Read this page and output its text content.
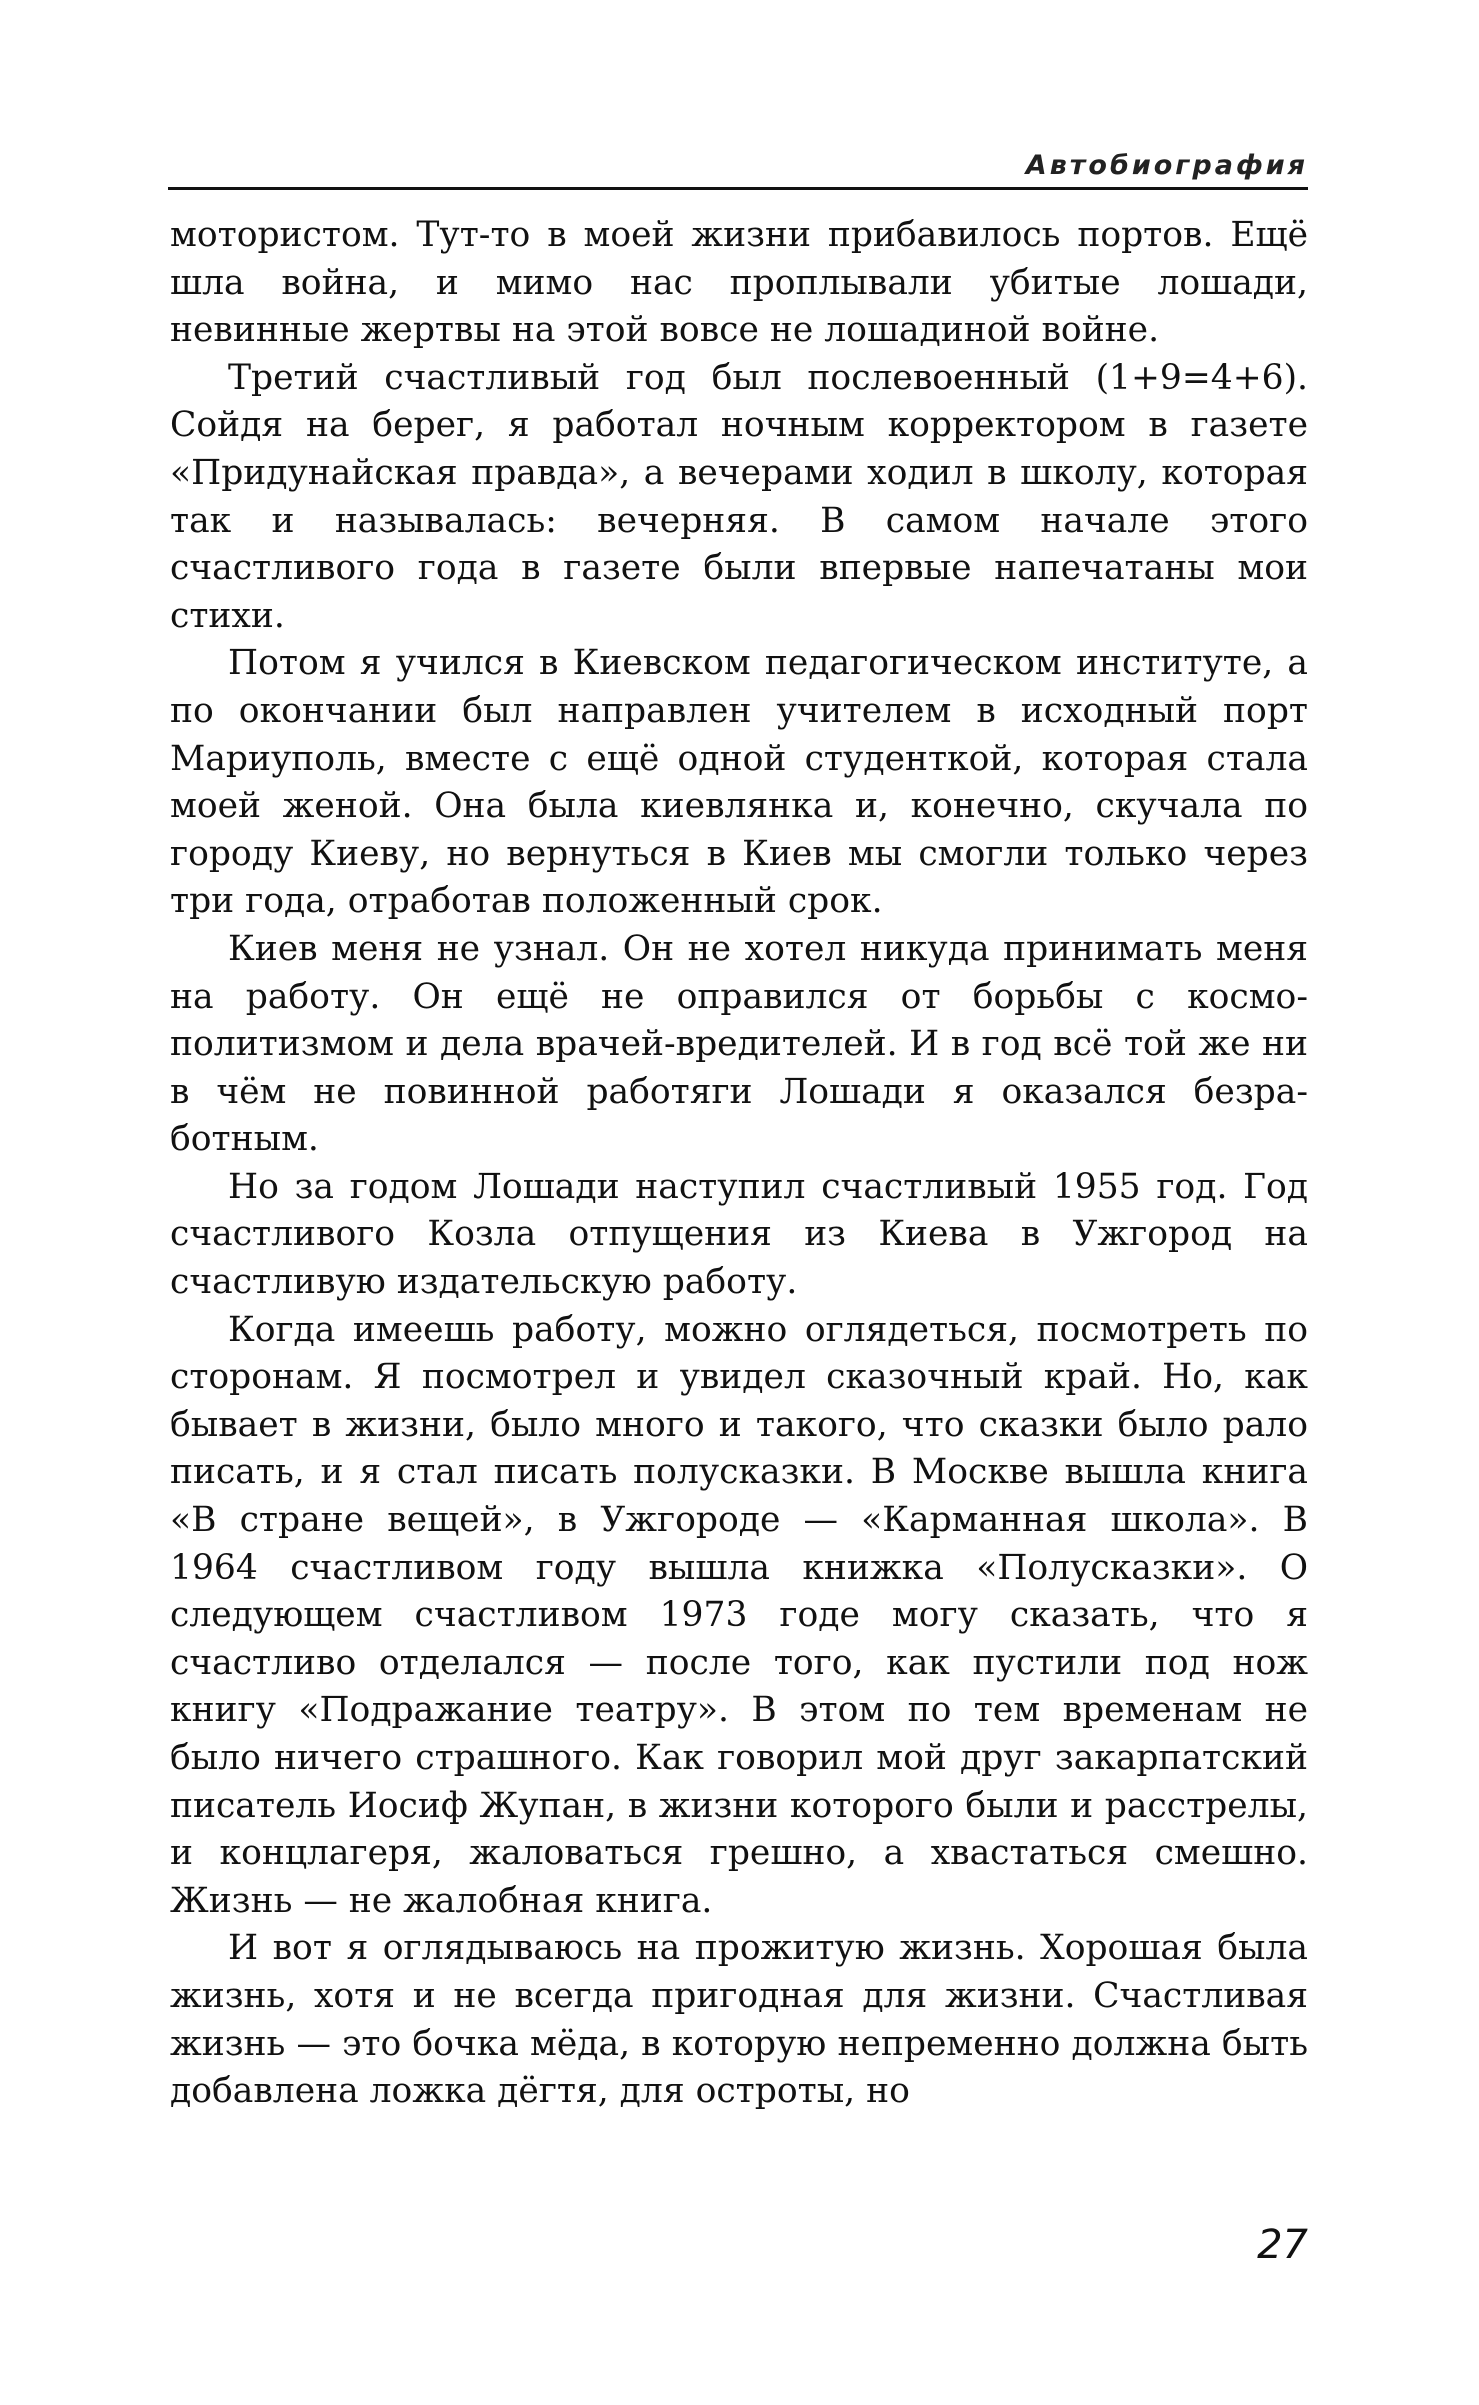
Автобиография

мотористом. Тут-то в моей жизни прибавилось портов. Ещё шла война, и мимо нас проплывали убитые лошади, невинные жертвы на этой вовсе не лошадиной войне.

Третий счастливый год был послевоенный (1+9=4+6). Сойдя на берег, я работал ночным корректором в газете «Придунайская правда», а вечерами ходил в школу, которая так и называлась: вечерняя. В самом начале этого счастливого года в газете были впервые напечатаны мои стихи.

Потом я учился в Киевском педагогическом институте, а по окончании был направлен учителем в исходный порт Мариуполь, вместе с ещё одной студенткой, которая стала моей женой. Она была киевлянка и, конечно, скучала по городу Киеву, но вернуться в Киев мы смогли только через три года, отработав положенный срок.

Киев меня не узнал. Он не хотел никуда принимать меня на работу. Он ещё не оправился от борьбы с космополитизмом и дела врачей-вредителей. И в год всё той же ни в чём не повинной работяги Лошади я оказался безработным.

Но за годом Лошади наступил счастливый 1955 год. Год счастливого Козла отпущения из Киева в Ужгород на счастливую издательскую работу.

Когда имеешь работу, можно оглядеться, посмотреть по сторонам. Я посмотрел и увидел сказочный край. Но, как бывает в жизни, было много и такого, что сказки было рало писать, и я стал писать полусказки. В Москве вышла книга «В стране вещей», в Ужгороде — «Карманная школа». В 1964 счастливом году вышла книжка «Полусказки». О следующем счастливом 1973 годе могу сказать, что я счастливо отделался — после того, как пустили под нож книгу «Подражание театру». В этом по тем временам не было ничего страшного. Как говорил мой друг закарпатский писатель Иосиф Жупан, в жизни которого были и расстрелы, и концлагеря, жаловаться грешно, а хвастаться смешно. Жизнь — не жалобная книга.

И вот я оглядываюсь на прожитую жизнь. Хорошая была жизнь, хотя и не всегда пригодная для жизни. Счастливая жизнь — это бочка мёда, в которую непременно должна быть добавлена ложка дёгтя, для остроты, но

27
